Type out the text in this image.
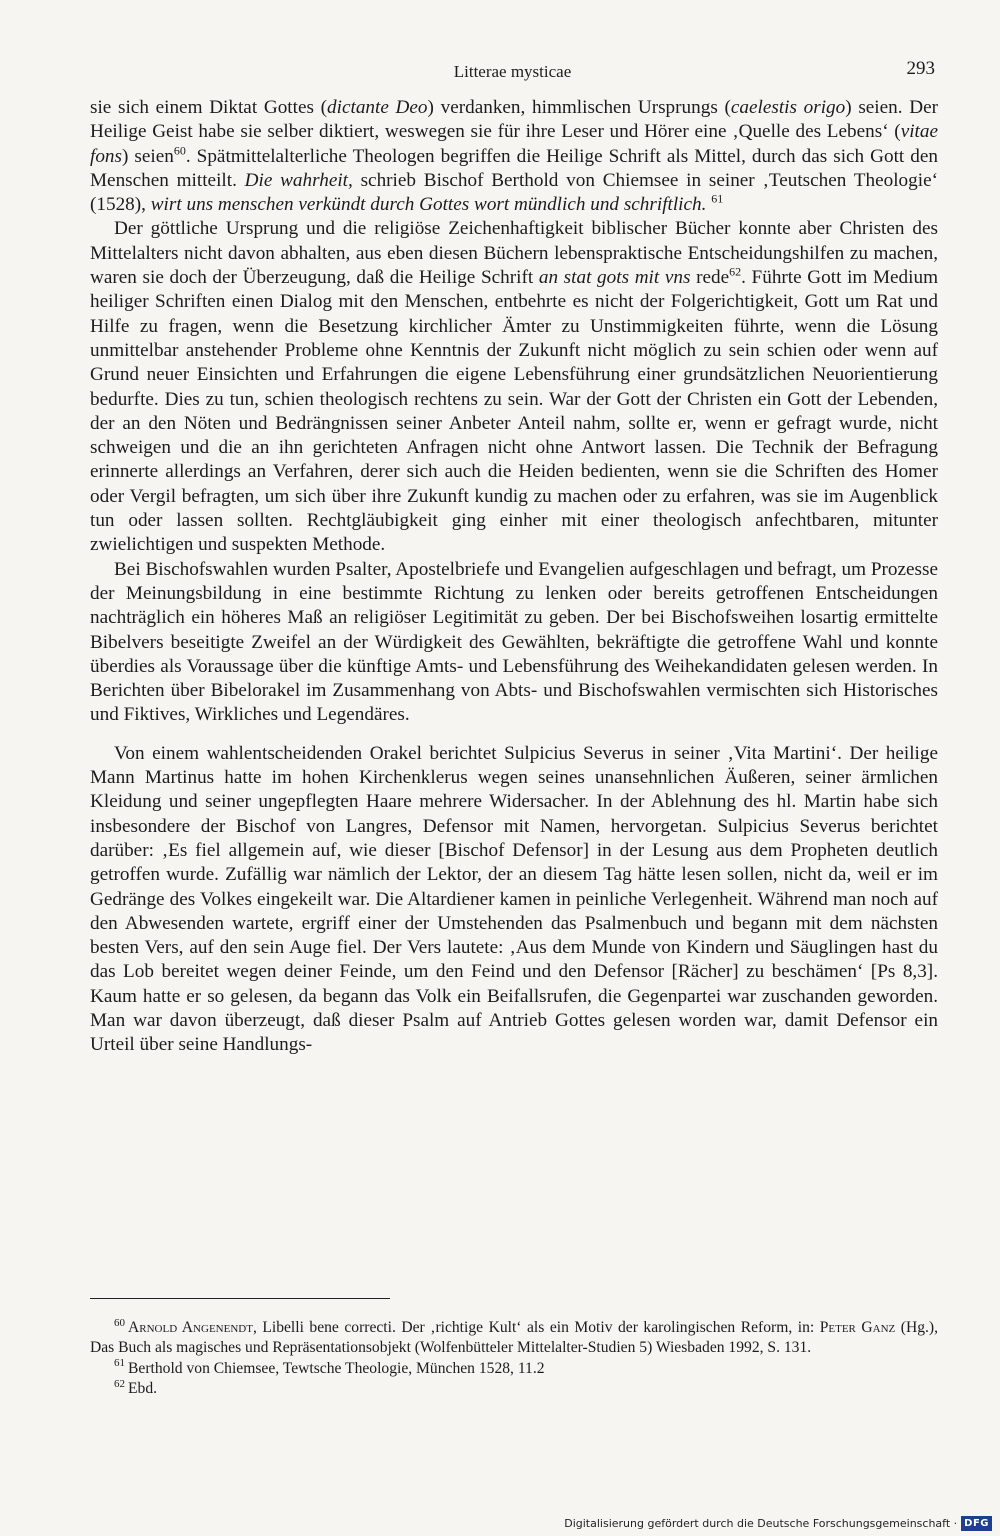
Litterae mysticae	293

sie sich einem Diktat Gottes (dictante Deo) verdanken, himmlischen Ursprungs (caelestis origo) seien. Der Heilige Geist habe sie selber diktiert, weswegen sie für ihre Leser und Hörer eine ‚Quelle des Lebens‘ (vitae fons) seien$^{60}$. Spätmittelalterliche Theologen begriffen die Heilige Schrift als Mittel, durch das sich Gott den Menschen mitteilt. Die wahrheit, schrieb Bischof Berthold von Chiemsee in seiner ‚Teutschen Theologie‘ (1528), wirt uns menschen verkündt durch Gottes wort mündlich und schriftlich. $^{61}$

Der göttliche Ursprung und die religiöse Zeichenhaftigkeit biblischer Bücher konnte aber Christen des Mittelalters nicht davon abhalten, aus eben diesen Büchern lebenspraktische Entscheidungshilfen zu machen, waren sie doch der Überzeugung, daß die Heilige Schrift an stat gots mit vns rede$^{62}$. Führte Gott im Medium heiliger Schriften einen Dialog mit den Menschen, entbehrte es nicht der Folgerichtigkeit, Gott um Rat und Hilfe zu fragen, wenn die Besetzung kirchlicher Ämter zu Unstimmigkeiten führte, wenn die Lösung unmittelbar anstehender Probleme ohne Kenntnis der Zukunft nicht möglich zu sein schien oder wenn auf Grund neuer Einsichten und Erfahrungen die eigene Lebensführung einer grundsätzlichen Neuorientierung bedurfte. Dies zu tun, schien theologisch rechtens zu sein. War der Gott der Christen ein Gott der Lebenden, der an den Nöten und Bedrängnissen seiner Anbeter Anteil nahm, sollte er, wenn er gefragt wurde, nicht schweigen und die an ihn gerichteten Anfragen nicht ohne Antwort lassen. Die Technik der Befragung erinnerte allerdings an Verfahren, derer sich auch die Heiden bedienten, wenn sie die Schriften des Homer oder Vergil befragten, um sich über ihre Zukunft kundig zu machen oder zu erfahren, was sie im Augenblick tun oder lassen sollten. Rechtgläubigkeit ging einher mit einer theologisch anfechtbaren, mitunter zwielichtigen und suspekten Methode.

Bei Bischofswahlen wurden Psalter, Apostelbriefe und Evangelien aufgeschlagen und befragt, um Prozesse der Meinungsbildung in eine bestimmte Richtung zu lenken oder bereits getroffenen Entscheidungen nachträglich ein höheres Maß an religiöser Legitimität zu geben. Der bei Bischofsweihen losartig ermittelte Bibelvers beseitigte Zweifel an der Würdigkeit des Gewählten, bekräftigte die getroffene Wahl und konnte überdies als Voraussage über die künftige Amts- und Lebensführung des Weihekandidaten gelesen werden. In Berichten über Bibelorakel im Zusammenhang von Abts- und Bischofswahlen vermischten sich Historisches und Fiktives, Wirkliches und Legendäres.

Von einem wahlentscheidenden Orakel berichtet Sulpicius Severus in seiner ‚Vita Martini‘. Der heilige Mann Martinus hatte im hohen Kirchenklerus wegen seines unansehnlichen Äußeren, seiner ärmlichen Kleidung und seiner ungepflegten Haare mehrere Widersacher. In der Ablehnung des hl. Martin habe sich insbesondere der Bischof von Langres, Defensor mit Namen, hervorgetan. Sulpicius Severus berichtet darüber: ‚Es fiel allgemein auf, wie dieser [Bischof Defensor] in der Lesung aus dem Propheten deutlich getroffen wurde. Zufällig war nämlich der Lektor, der an diesem Tag hätte lesen sollen, nicht da, weil er im Gedränge des Volkes eingekeilt war. Die Altardiener kamen in peinliche Verlegenheit. Während man noch auf den Abwesenden wartete, ergriff einer der Umstehenden das Psalmenbuch und begann mit dem nächsten besten Vers, auf den sein Auge fiel. Der Vers lautete: ‚Aus dem Munde von Kindern und Säuglingen hast du das Lob bereitet wegen deiner Feinde, um den Feind und den Defensor [Rächer] zu beschämen‘ [Ps 8,3]. Kaum hatte er so gelesen, da begann das Volk ein Beifallsrufen, die Gegenpartei war zuschanden geworden. Man war davon überzeugt, daß dieser Psalm auf Antrieb Gottes gelesen worden war, damit Defensor ein Urteil über seine Handlungs-

$^{60}$ Arnold Angenendt, Libelli bene correcti. Der ‚richtige Kult‘ als ein Motiv der karolingischen Reform, in: Peter Ganz (Hg.), Das Buch als magisches und Repräsentationsobjekt (Wolfenbütteler Mittelalter-Studien 5) Wiesbaden 1992, S. 131.

$^{61}$ Berthold von Chiemsee, Tewtsche Theologie, München 1528, 11.2

$^{62}$ Ebd.

Digitalisierung gefördert durch die Deutsche Forschungsgemeinschaft · DFG
